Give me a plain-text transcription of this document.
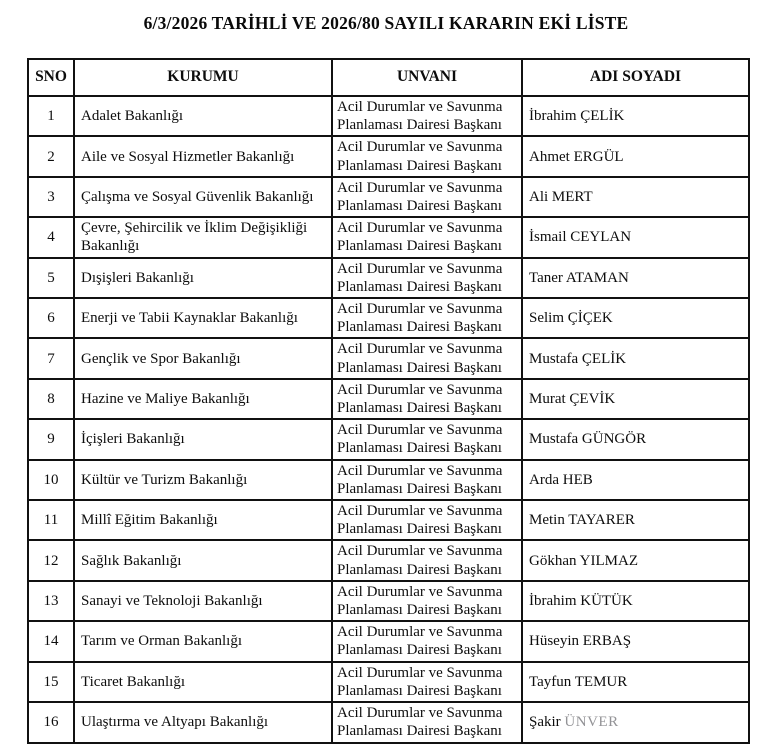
6/3/2026 TARİHLİ VE 2026/80 SAYILI KARARIN EKİ LİSTE
SNO	KURUMU	UNVANI	ADI SOYADI
1	Adalet Bakanlığı	Acil Durumlar ve Savunma Planlaması Dairesi Başkanı	İbrahim ÇELİK
2	Aile ve Sosyal Hizmetler Bakanlığı	Acil Durumlar ve Savunma Planlaması Dairesi Başkanı	Ahmet ERGÜL
3	Çalışma ve Sosyal Güvenlik Bakanlığı	Acil Durumlar ve Savunma Planlaması Dairesi Başkanı	Ali MERT
4	Çevre, Şehircilik ve İklim Değişikliği Bakanlığı	Acil Durumlar ve Savunma Planlaması Dairesi Başkanı	İsmail CEYLAN
5	Dışişleri Bakanlığı	Acil Durumlar ve Savunma Planlaması Dairesi Başkanı	Taner ATAMAN
6	Enerji ve Tabii Kaynaklar Bakanlığı	Acil Durumlar ve Savunma Planlaması Dairesi Başkanı	Selim ÇİÇEK
7	Gençlik ve Spor Bakanlığı	Acil Durumlar ve Savunma Planlaması Dairesi Başkanı	Mustafa ÇELİK
8	Hazine ve Maliye Bakanlığı	Acil Durumlar ve Savunma Planlaması Dairesi Başkanı	Murat ÇEVİK
9	İçişleri Bakanlığı	Acil Durumlar ve Savunma Planlaması Dairesi Başkanı	Mustafa GÜNGÖR
10	Kültür ve Turizm Bakanlığı	Acil Durumlar ve Savunma Planlaması Dairesi Başkanı	Arda HEB
11	Millî Eğitim Bakanlığı	Acil Durumlar ve Savunma Planlaması Dairesi Başkanı	Metin TAYARER
12	Sağlık Bakanlığı	Acil Durumlar ve Savunma Planlaması Dairesi Başkanı	Gökhan YILMAZ
13	Sanayi ve Teknoloji Bakanlığı	Acil Durumlar ve Savunma Planlaması Dairesi Başkanı	İbrahim KÜTÜK
14	Tarım ve Orman Bakanlığı	Acil Durumlar ve Savunma Planlaması Dairesi Başkanı	Hüseyin ERBAŞ
15	Ticaret Bakanlığı	Acil Durumlar ve Savunma Planlaması Dairesi Başkanı	Tayfun TEMUR
16	Ulaştırma ve Altyapı Bakanlığı	Acil Durumlar ve Savunma Planlaması Dairesi Başkanı	Şakir ÜNVER
